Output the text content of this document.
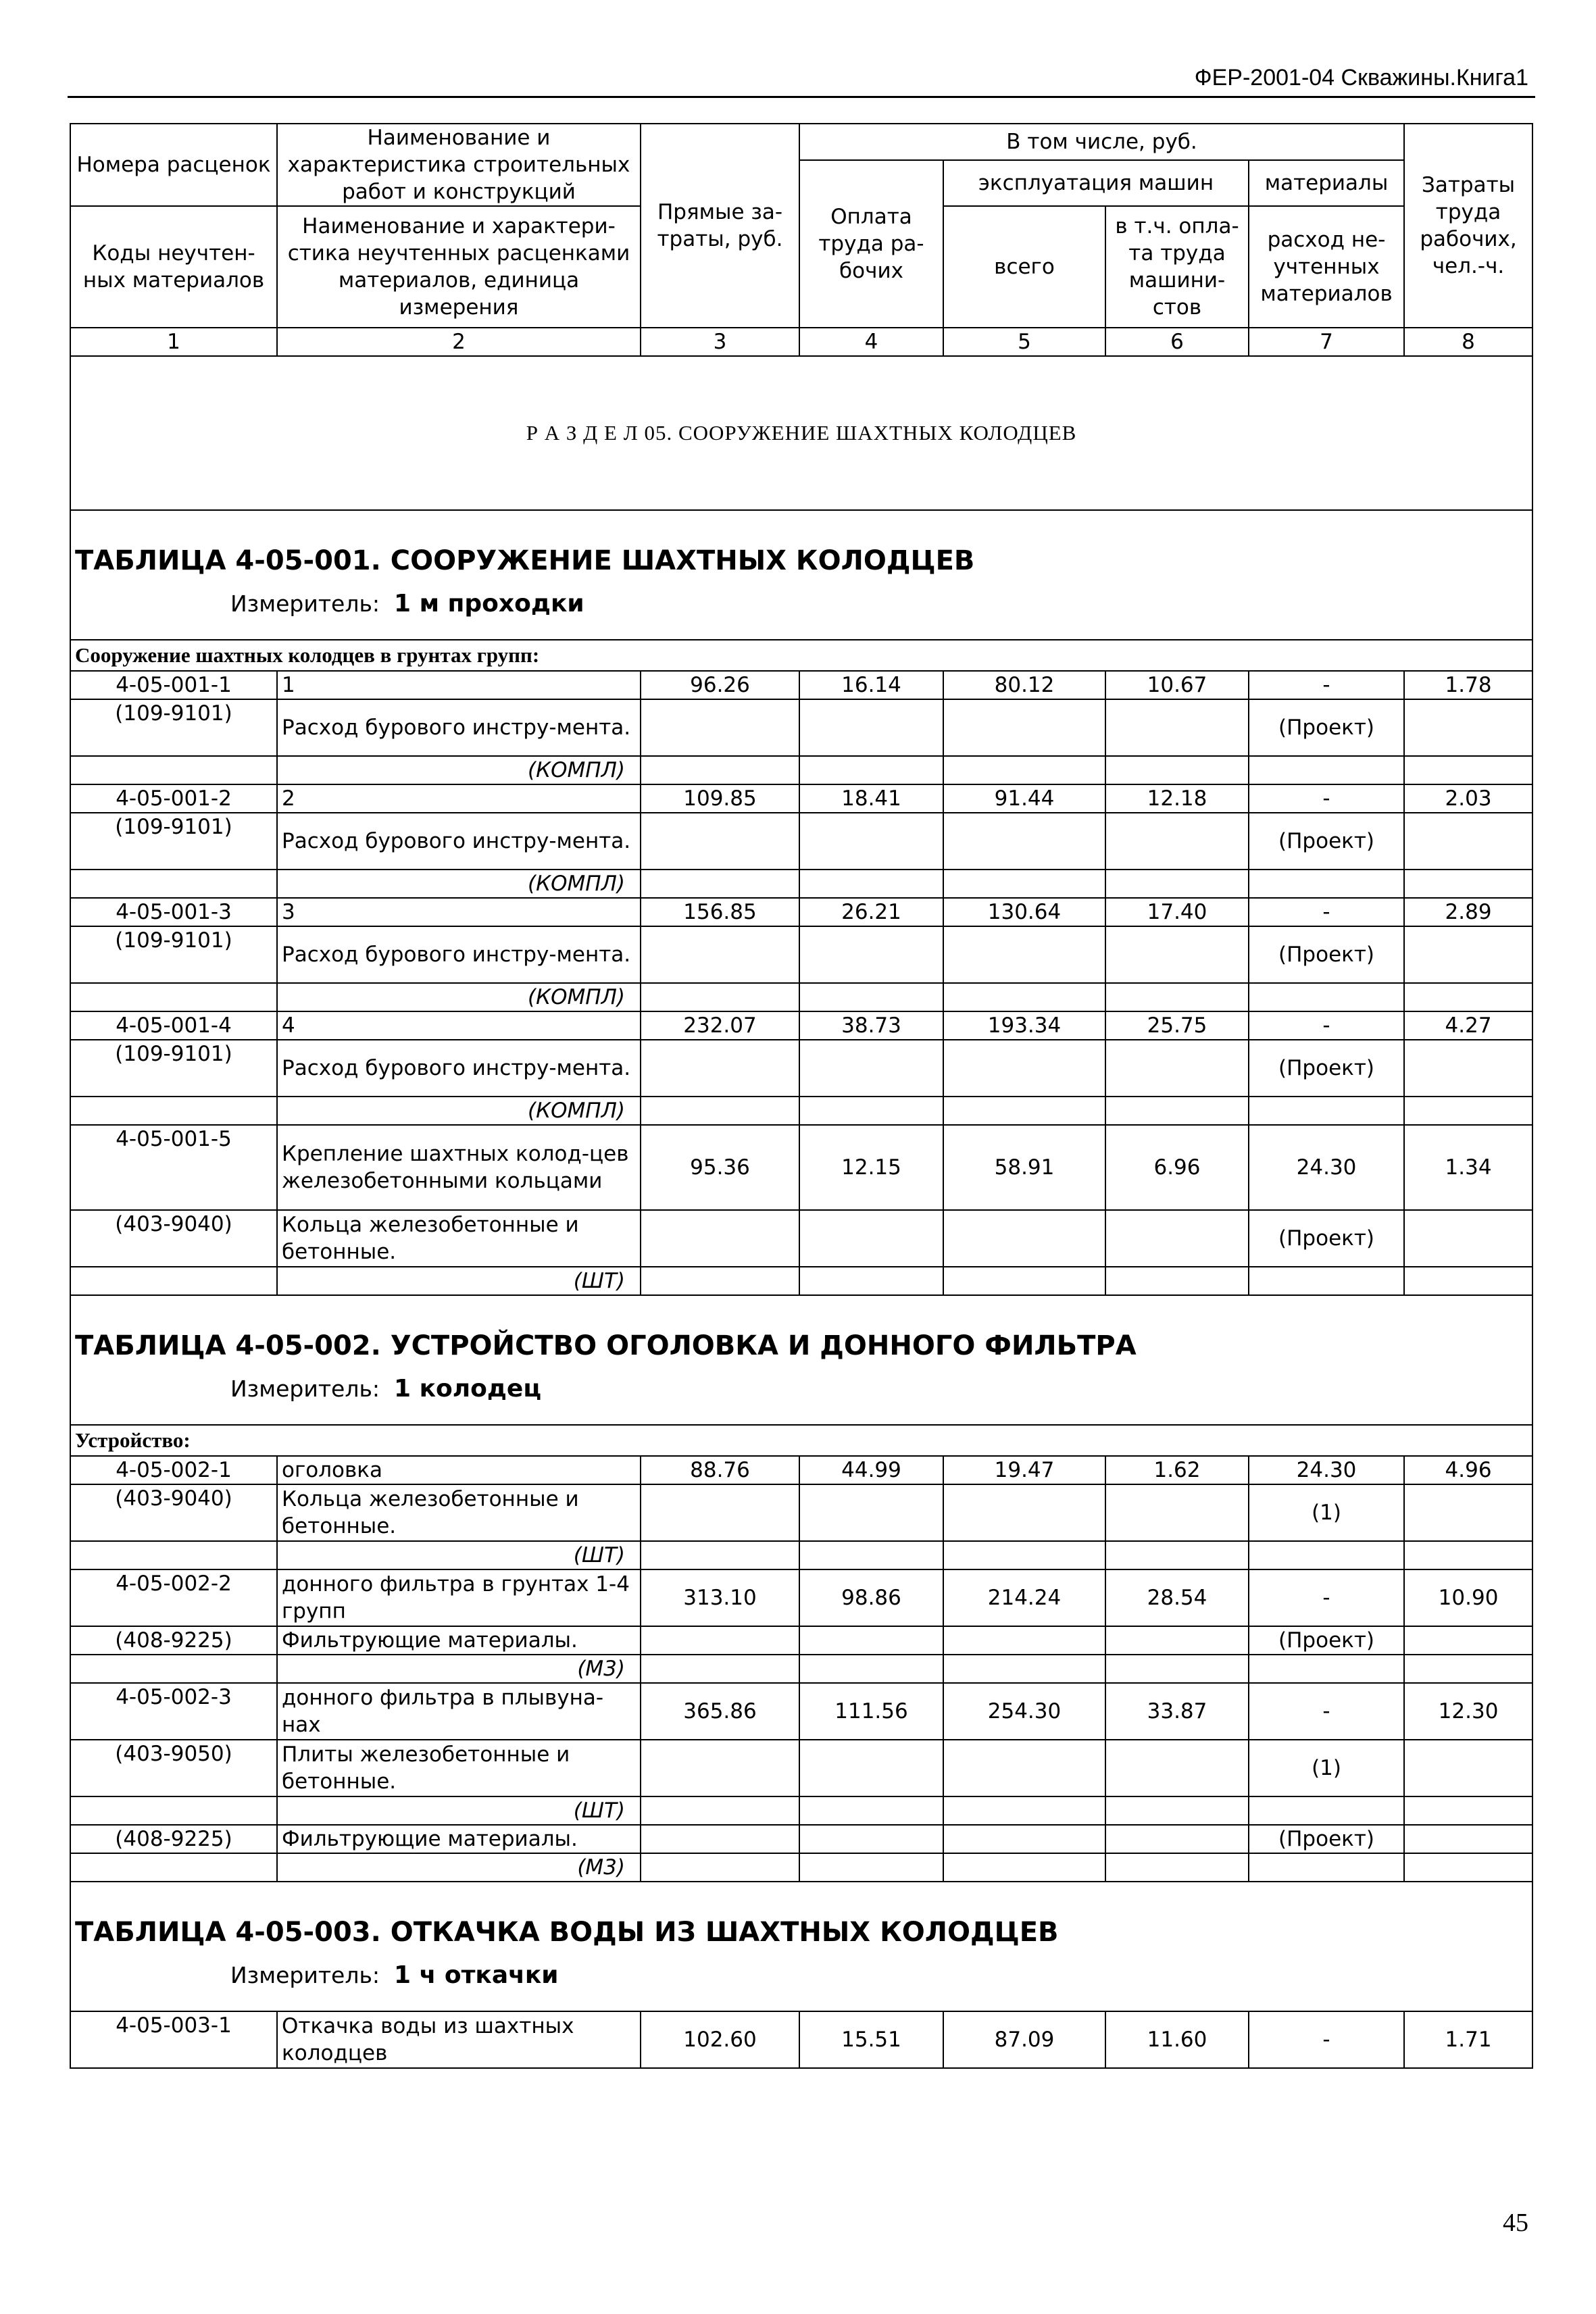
ФЕР-2001-04 Скважины.Книга1
Номера расценок	Наименование и характеристика строительных работ и конструкций	Прямые за-траты, руб.	В том числе, руб.				Затраты труда рабочих, чел.-ч.
			Оплата труда ра-бочих	эксплуатация машин		материалы	
Коды неучтен-ных материалов	Наименование и характери-стика неучтенных расценками материалов, единица измерения			всего	в т.ч. опла-та труда машини-стов	расход не-учтенных материалов	

1	2	3	4	5	6	7	8
Р А З Д Е Л 05. СООРУЖЕНИЕ ШАХТНЫХ КОЛОДЦЕВ							

ТАБЛИЦА 4-05-001. СООРУЖЕНИЕ ШАХТНЫХ КОЛОДЦЕВ
Измеритель: 1 м проходки							

Сооружение шахтных колодцев в грунтах групп:							
4-05-001-1	1	96.26	16.14	80.12	10.67	-	1.78
(109-9101)	Расход бурового инстру-мента.					(Проект)	
	(КОМПЛ)						
4-05-001-2	2	109.85	18.41	91.44	12.18	-	2.03
(109-9101)	Расход бурового инстру-мента.					(Проект)	
	(КОМПЛ)						
4-05-001-3	3	156.85	26.21	130.64	17.40	-	2.89
(109-9101)	Расход бурового инстру-мента.					(Проект)	
	(КОМПЛ)						
4-05-001-4	4	232.07	38.73	193.34	25.75	-	4.27
(109-9101)	Расход бурового инстру-мента.					(Проект)	
	(КОМПЛ)						
4-05-001-5	Крепление шахтных колод-цев железобетонными кольцами	95.36	12.15	58.91	6.96	24.30	1.34
(403-9040)	Кольца железобетонные и бетонные.					(Проект)	
	(ШТ)						

ТАБЛИЦА 4-05-002. УСТРОЙСТВО ОГОЛОВКА И ДОННОГО ФИЛЬТРА
Измеритель: 1 колодец							

Устройство:							
4-05-002-1	оголовка	88.76	44.99	19.47	1.62	24.30	4.96
(403-9040)	Кольца железобетонные и бетонные.					(1)	
	(ШТ)						
4-05-002-2	донного фильтра в грунтах 1-4 групп	313.10	98.86	214.24	28.54	-	10.90
(408-9225)	Фильтрующие материалы.					(Проект)	
	(М3)						
4-05-002-3	донного фильтра в плывуна-нах	365.86	111.56	254.30	33.87	-	12.30
(403-9050)	Плиты железобетонные и бетонные.					(1)	
	(ШТ)						
(408-9225)	Фильтрующие материалы.					(Проект)	
	(М3)						

ТАБЛИЦА 4-05-003. ОТКАЧКА ВОДЫ ИЗ ШАХТНЫХ КОЛОДЦЕВ
Измеритель: 1 ч откачки							

4-05-003-1	Откачка воды из шахтных колодцев	102.60	15.51	87.09	11.60	-	1.71
45
